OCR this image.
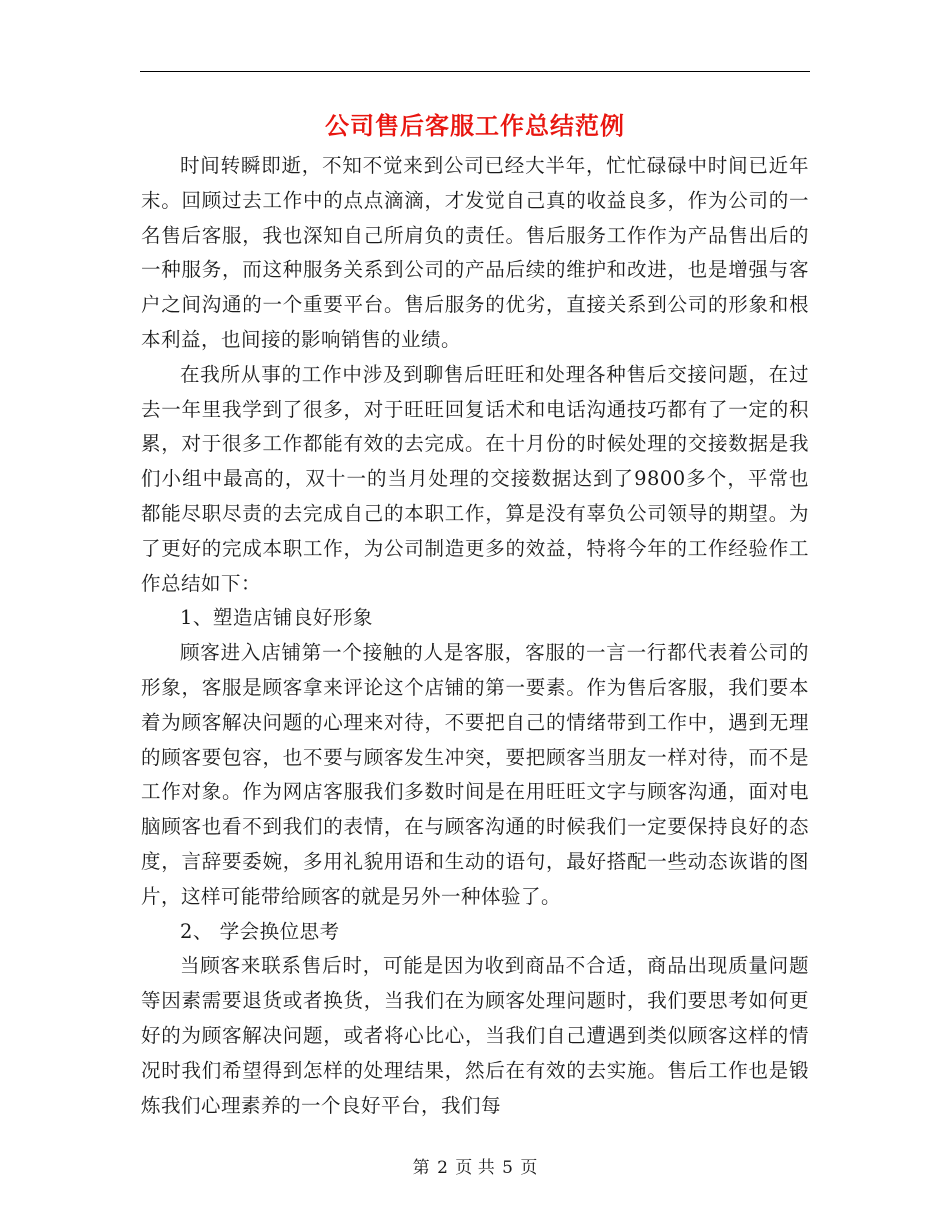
公司售后客服工作总结范例

时间转瞬即逝，不知不觉来到公司已经大半年，忙忙碌碌中时间已近年末。回顾过去工作中的点点滴滴，才发觉自己真的收益良多，作为公司的一名售后客服，我也深知自己所肩负的责任。售后服务工作作为产品售出后的一种服务，而这种服务关系到公司的产品后续的维护和改进，也是增强与客户之间沟通的一个重要平台。售后服务的优劣，直接关系到公司的形象和根本利益，也间接的影响销售的业绩。

在我所从事的工作中涉及到聊售后旺旺和处理各种售后交接问题，在过去一年里我学到了很多，对于旺旺回复话术和电话沟通技巧都有了一定的积累，对于很多工作都能有效的去完成。在十月份的时候处理的交接数据是我们小组中最高的，双十一的当月处理的交接数据达到了9800多个，平常也都能尽职尽责的去完成自己的本职工作，算是没有辜负公司领导的期望。为了更好的完成本职工作，为公司制造更多的效益，特将今年的工作经验作工作总结如下：

1、塑造店铺良好形象

顾客进入店铺第一个接触的人是客服，客服的一言一行都代表着公司的形象，客服是顾客拿来评论这个店铺的第一要素。作为售后客服，我们要本着为顾客解决问题的心理来对待，不要把自己的情绪带到工作中，遇到无理的顾客要包容，也不要与顾客发生冲突，要把顾客当朋友一样对待，而不是工作对象。作为网店客服我们多数时间是在用旺旺文字与顾客沟通，面对电脑顾客也看不到我们的表情，在与顾客沟通的时候我们一定要保持良好的态度，言辞要委婉，多用礼貌用语和生动的语句，最好搭配一些动态诙谐的图片，这样可能带给顾客的就是另外一种体验了。

2、 学会换位思考

当顾客来联系售后时，可能是因为收到商品不合适，商品出现质量问题等因素需要退货或者换货，当我们在为顾客处理问题时，我们要思考如何更好的为顾客解决问题，或者将心比心，当我们自己遭遇到类似顾客这样的情况时我们希望得到怎样的处理结果，然后在有效的去实施。售后工作也是锻炼我们心理素养的一个良好平台，我们每

第 2 页 共 5 页
